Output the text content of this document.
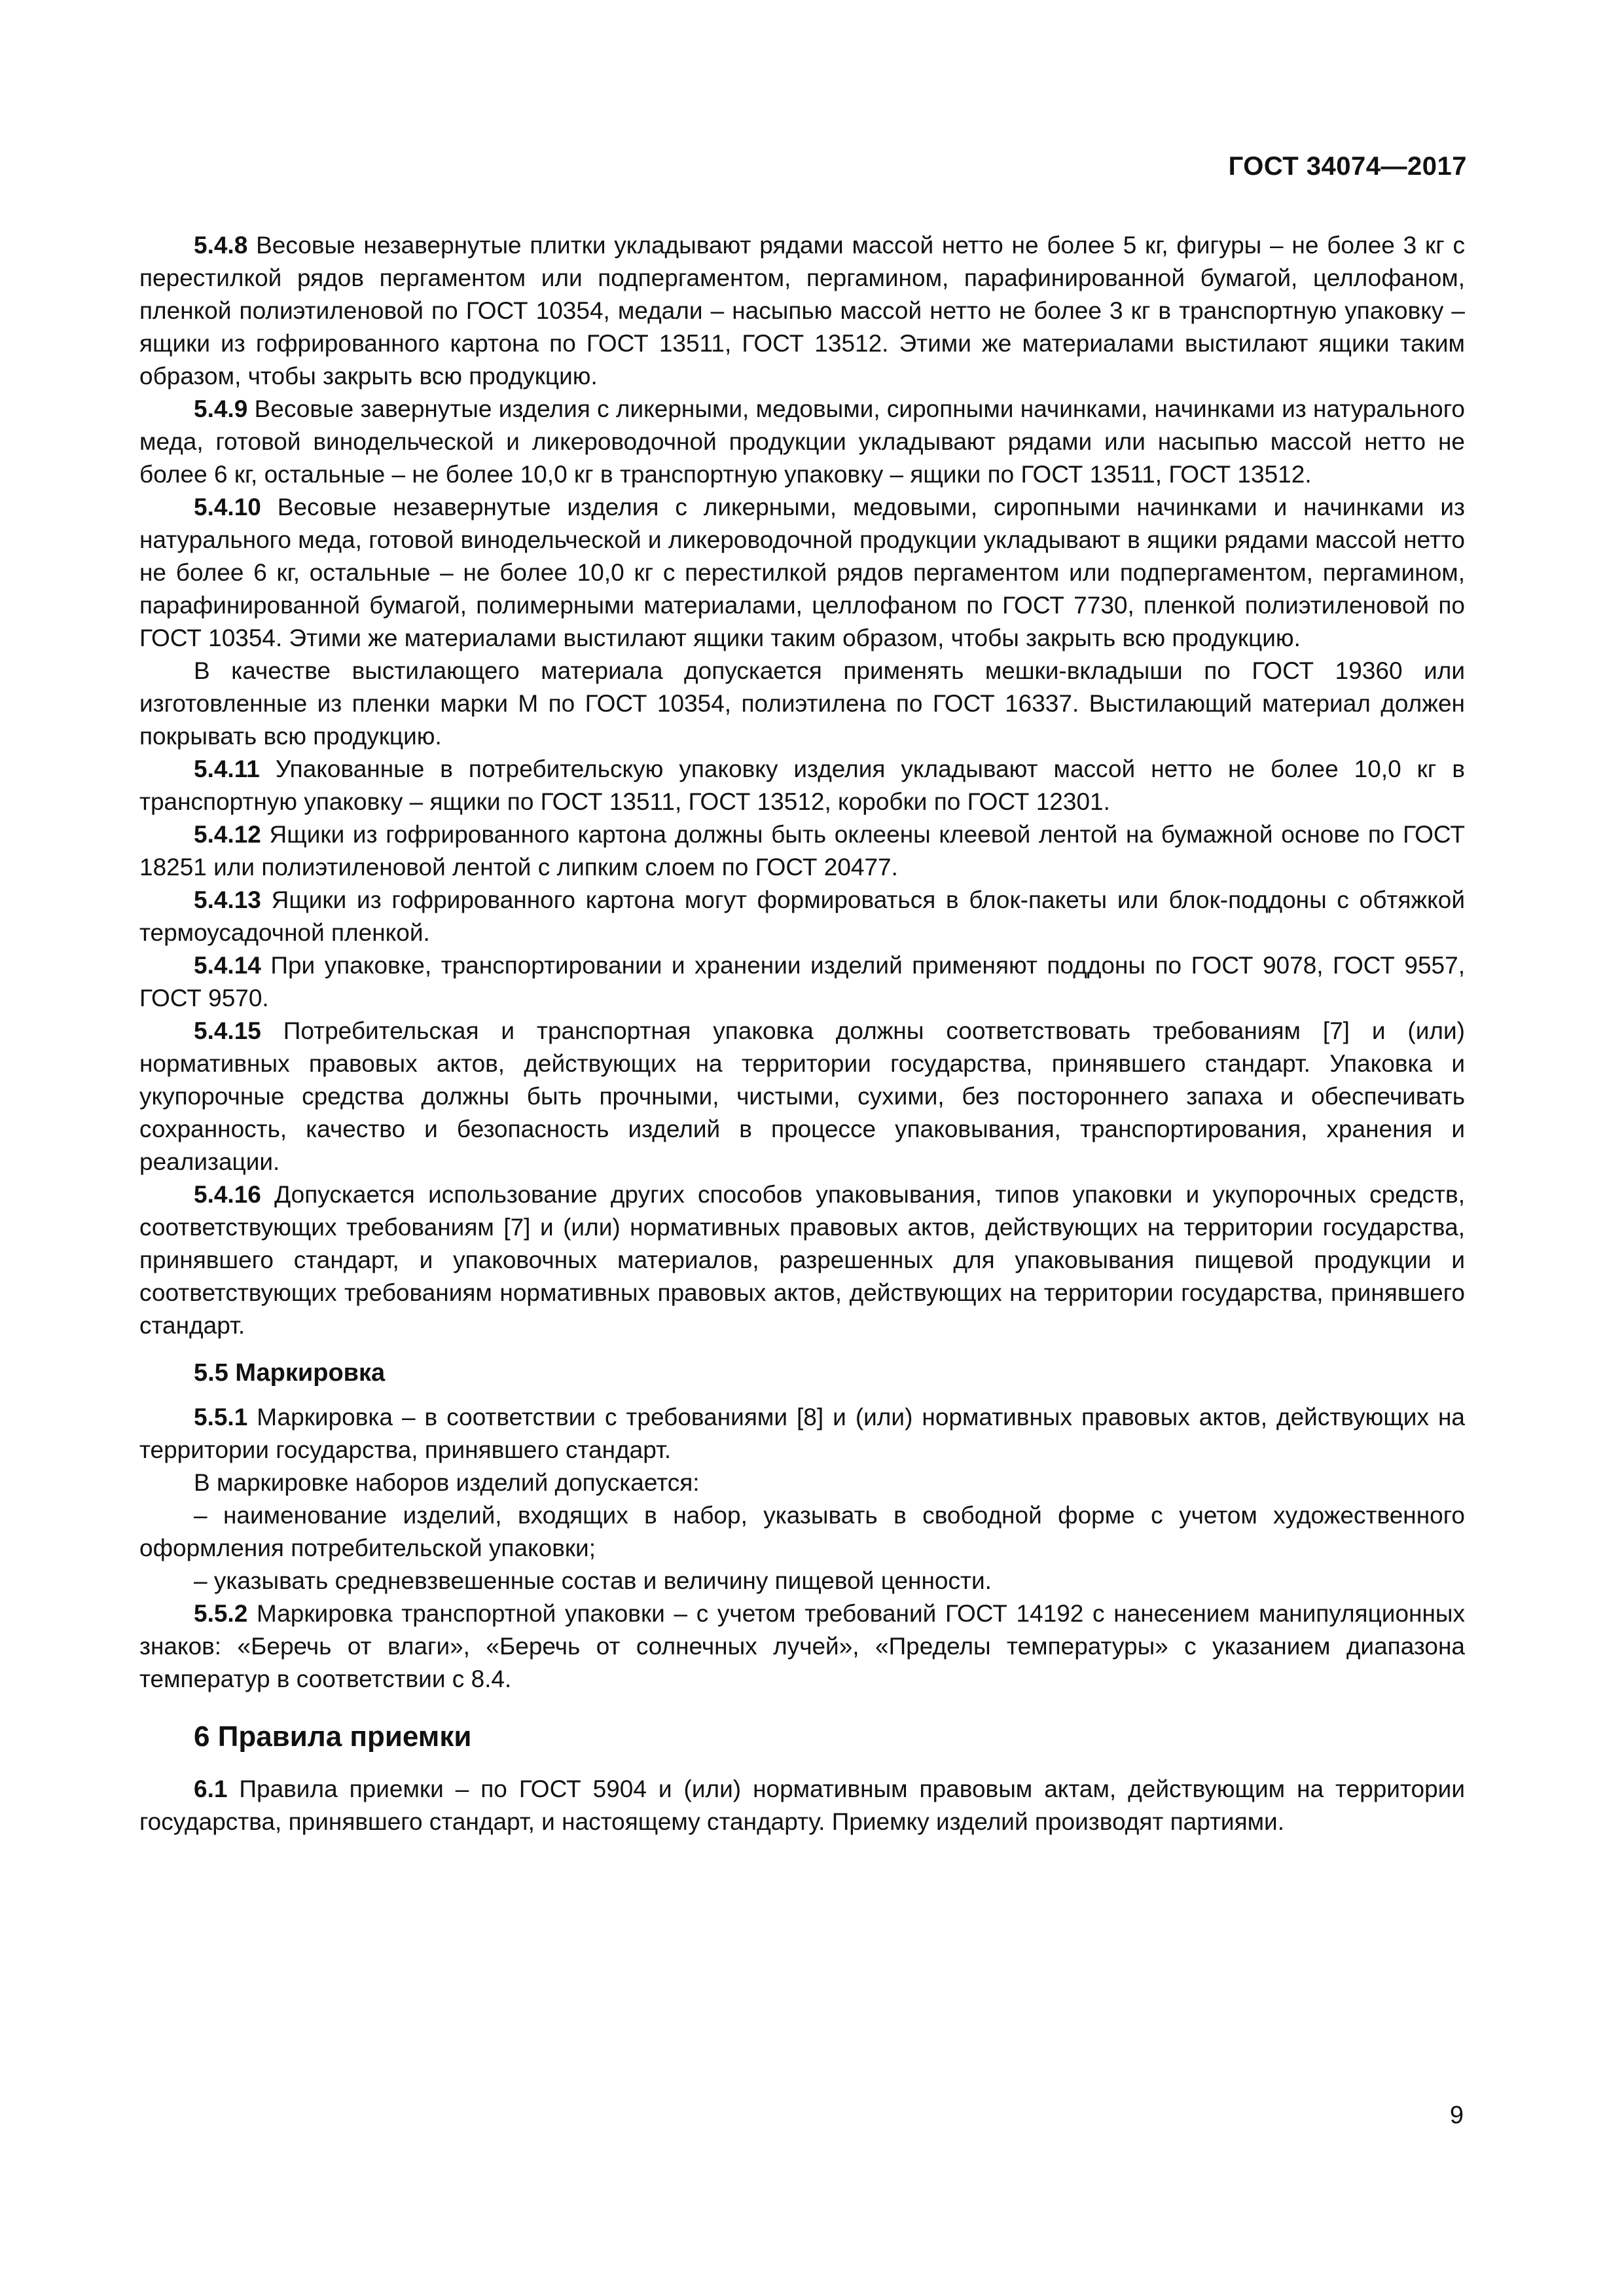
ГОСТ 34074—2017

5.4.8 Весовые незавернутые плитки укладывают рядами массой нетто не более 5 кг, фигуры – не более 3 кг с перестилкой рядов пергаментом или подпергаментом, пергамином, парафинированной бумагой, целлофаном, пленкой полиэтиленовой по ГОСТ 10354, медали – насыпью массой нетто не более 3 кг в транспортную упаковку – ящики из гофрированного картона по ГОСТ 13511, ГОСТ 13512. Этими же материалами выстилают ящики таким образом, чтобы закрыть всю продукцию.

5.4.9 Весовые завернутые изделия с ликерными, медовыми, сиропными начинками, начинками из натурального меда, готовой винодельческой и ликероводочной продукции укладывают рядами или насыпью массой нетто не более 6 кг, остальные – не более 10,0 кг в транспортную упаковку – ящики по ГОСТ 13511, ГОСТ 13512.

5.4.10 Весовые незавернутые изделия с ликерными, медовыми, сиропными начинками и начинками из натурального меда, готовой винодельческой и ликероводочной продукции укладывают в ящики рядами массой нетто не более 6 кг, остальные – не более 10,0 кг с перестилкой рядов пергаментом или подпергаментом, пергамином, парафинированной бумагой, полимерными материалами, целлофаном по ГОСТ 7730, пленкой полиэтиленовой по ГОСТ 10354. Этими же материалами выстилают ящики таким образом, чтобы закрыть всю продукцию.

В качестве выстилающего материала допускается применять мешки-вкладыши по ГОСТ 19360 или изготовленные из пленки марки М по ГОСТ 10354, полиэтилена по ГОСТ 16337. Выстилающий материал должен покрывать всю продукцию.

5.4.11 Упакованные в потребительскую упаковку изделия укладывают массой нетто не более 10,0 кг в транспортную упаковку – ящики по ГОСТ 13511, ГОСТ 13512, коробки по ГОСТ 12301.

5.4.12 Ящики из гофрированного картона должны быть оклеены клеевой лентой на бумажной основе по ГОСТ 18251 или полиэтиленовой лентой с липким слоем по ГОСТ 20477.

5.4.13 Ящики из гофрированного картона могут формироваться в блок-пакеты или блок-поддоны с обтяжкой термоусадочной пленкой.

5.4.14 При упаковке, транспортировании и хранении изделий применяют поддоны по ГОСТ 9078, ГОСТ 9557, ГОСТ 9570.

5.4.15 Потребительская и транспортная упаковка должны соответствовать требованиям [7] и (или) нормативных правовых актов, действующих на территории государства, принявшего стандарт. Упаковка и укупорочные средства должны быть прочными, чистыми, сухими, без постороннего запаха и обеспечивать сохранность, качество и безопасность изделий в процессе упаковывания, транспортирования, хранения и реализации.

5.4.16 Допускается использование других способов упаковывания, типов упаковки и укупорочных средств, соответствующих требованиям [7] и (или) нормативных правовых актов, действующих на территории государства, принявшего стандарт, и упаковочных материалов, разрешенных для упаковывания пищевой продукции и соответствующих требованиям нормативных правовых актов, действующих на территории государства, принявшего стандарт.

5.5 Маркировка

5.5.1 Маркировка – в соответствии с требованиями [8] и (или) нормативных правовых актов, действующих на территории государства, принявшего стандарт.

В маркировке наборов изделий допускается:

– наименование изделий, входящих в набор, указывать в свободной форме с учетом художественного оформления потребительской упаковки;

– указывать средневзвешенные состав и величину пищевой ценности.

5.5.2 Маркировка транспортной упаковки – с учетом требований ГОСТ 14192 с нанесением манипуляционных знаков: «Беречь от влаги», «Беречь от солнечных лучей», «Пределы температуры» с указанием диапазона температур в соответствии с 8.4.

6 Правила приемки

6.1 Правила приемки – по ГОСТ 5904 и (или) нормативным правовым актам, действующим на территории государства, принявшего стандарт, и настоящему стандарту. Приемку изделий производят партиями.

9
